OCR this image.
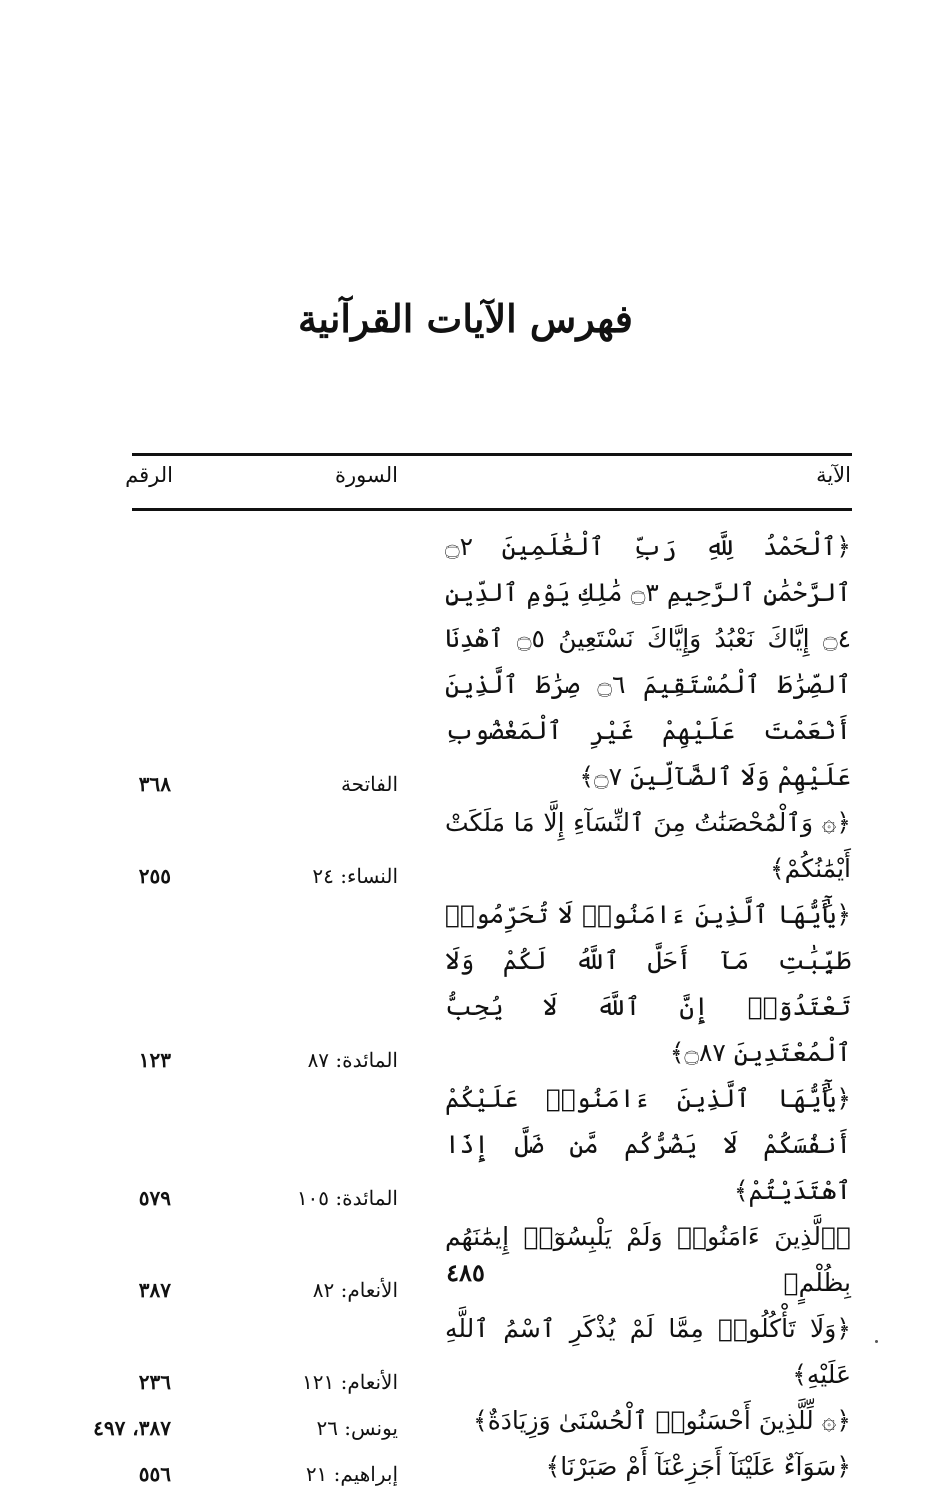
فهرس الآيات القرآنية
الآية
السورة
الرقم
﴿ٱلْحَمْدُ لِلَّهِ رَبِّ ٱلْعَٰلَمِينَ ۝٢ ٱلرَّحْمَٰنِ ٱلرَّحِيمِ ۝٣ مَٰلِكِ يَوْمِ ٱلدِّينِ ۝٤ إِيَّاكَ نَعْبُدُ وَإِيَّاكَ نَسْتَعِينُ ۝٥ ٱهْدِنَا ٱلصِّرَٰطَ ٱلْمُسْتَقِيمَ ۝٦ صِرَٰطَ ٱلَّذِينَ أَنْعَمْتَ عَلَيْهِمْ غَيْرِ ٱلْمَغْضُوبِ عَلَيْهِمْ وَلَا ٱلضَّآلِّينَ ۝٧﴾
الفاتحة
٣٦٨
﴿۞ وَٱلْمُحْصَنَٰتُ مِنَ ٱلنِّسَآءِ إِلَّا مَا مَلَكَتْ أَيْمَٰنُكُمْ﴾
النساء: ٢٤
٢٥٥
﴿يَٰٓأَيُّهَا ٱلَّذِينَ ءَامَنُوا۟ لَا تُحَرِّمُوا۟ طَيِّبَٰتِ مَآ أَحَلَّ ٱللَّهُ لَكُمْ وَلَا تَعْتَدُوٓا۟ إِنَّ ٱللَّهَ لَا يُحِبُّ ٱلْمُعْتَدِينَ ۝٨٧﴾
المائدة: ٨٧
١٢٣
﴿يَٰٓأَيُّهَا ٱلَّذِينَ ءَامَنُوا۟ عَلَيْكُمْ أَنفُسَكُمْ لَا يَضُرُّكُم مَّن ضَلَّ إِذَا ٱهْتَدَيْتُمْ﴾
المائدة: ١٠٥
٥٧٩
﴿ٱلَّذِينَ ءَامَنُوا۟ وَلَمْ يَلْبِسُوٓا۟ إِيمَٰنَهُم بِظُلْمٍ﴾
الأنعام: ٨٢
٣٨٧
﴿وَلَا تَأْكُلُوا۟ مِمَّا لَمْ يُذْكَرِ ٱسْمُ ٱللَّهِ عَلَيْهِ﴾
الأنعام: ١٢١
٢٣٦
﴿۞ لِّلَّذِينَ أَحْسَنُوا۟ ٱلْحُسْنَىٰ وَزِيَادَةٌ﴾
يونس: ٢٦
٣٨٧، ٤٩٧
﴿سَوَآءٌ عَلَيْنَآ أَجَزِعْنَآ أَمْ صَبَرْنَا﴾
إبراهيم: ٢١
٥٥٦
٤٨٥
